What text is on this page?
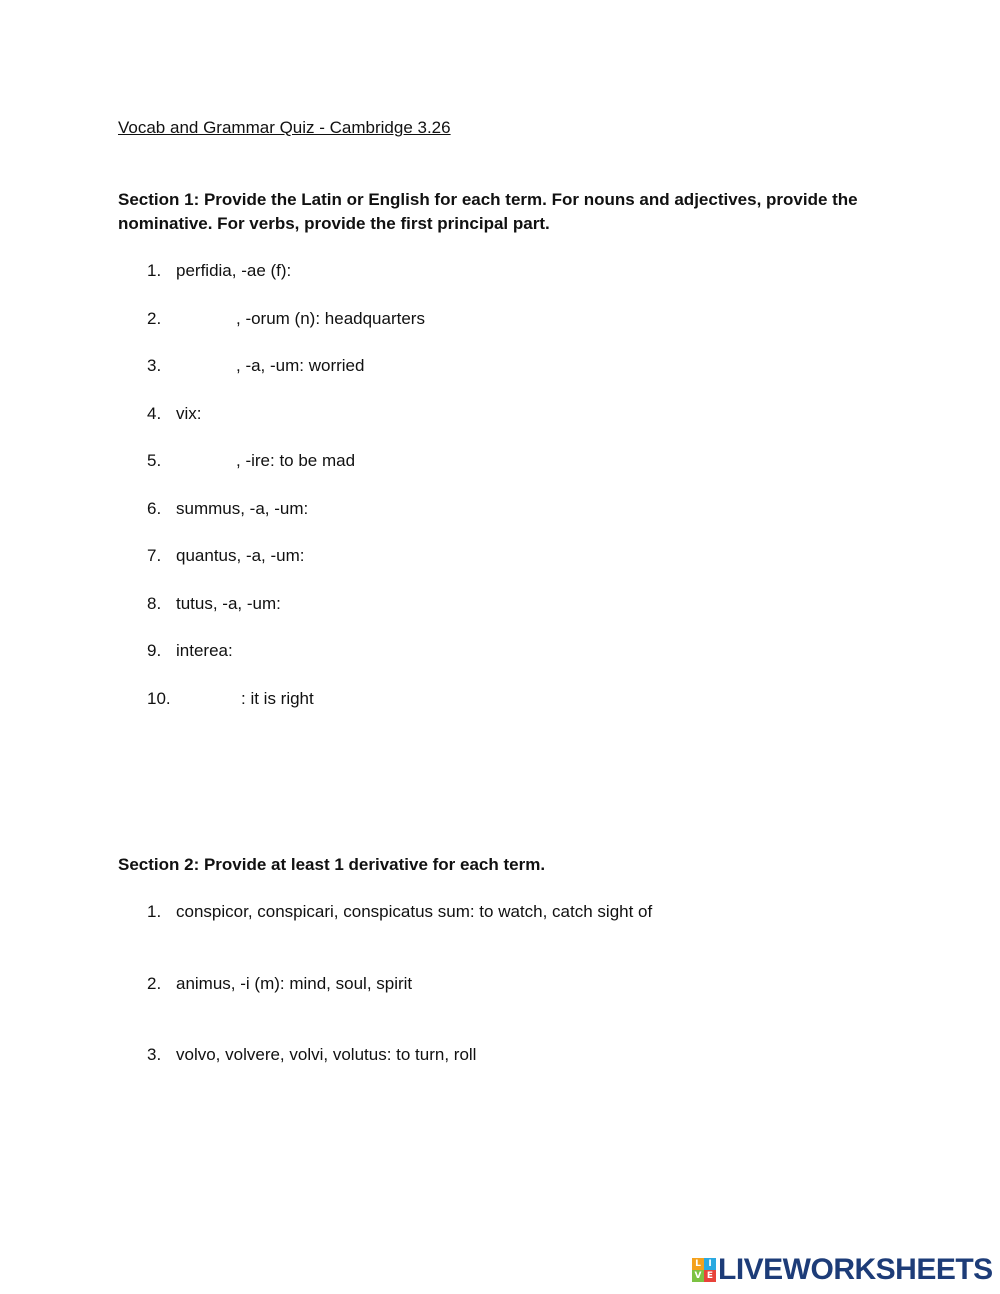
Vocab and Grammar Quiz - Cambridge 3.26
Section 1: Provide the Latin or English for each term. For nouns and adjectives, provide the nominative. For verbs, provide the first principal part.
1. perfidia, -ae (f):
2.	, -orum (n): headquarters
3.	, -a, -um: worried
4. vix:
5.	, -ire: to be mad
6. summus, -a, -um:
7. quantus, -a, -um:
8. tutus, -a, -um:
9. interea:
10.	: it is right
Section 2: Provide at least 1 derivative for each term.
1. conspicor, conspicari, conspicatus sum: to watch, catch sight of
2. animus, -i (m): mind, soul, spirit
3. volvo, volvere, volvi, volutus: to turn, roll
L I
V E LIVEWORKSHEETS
